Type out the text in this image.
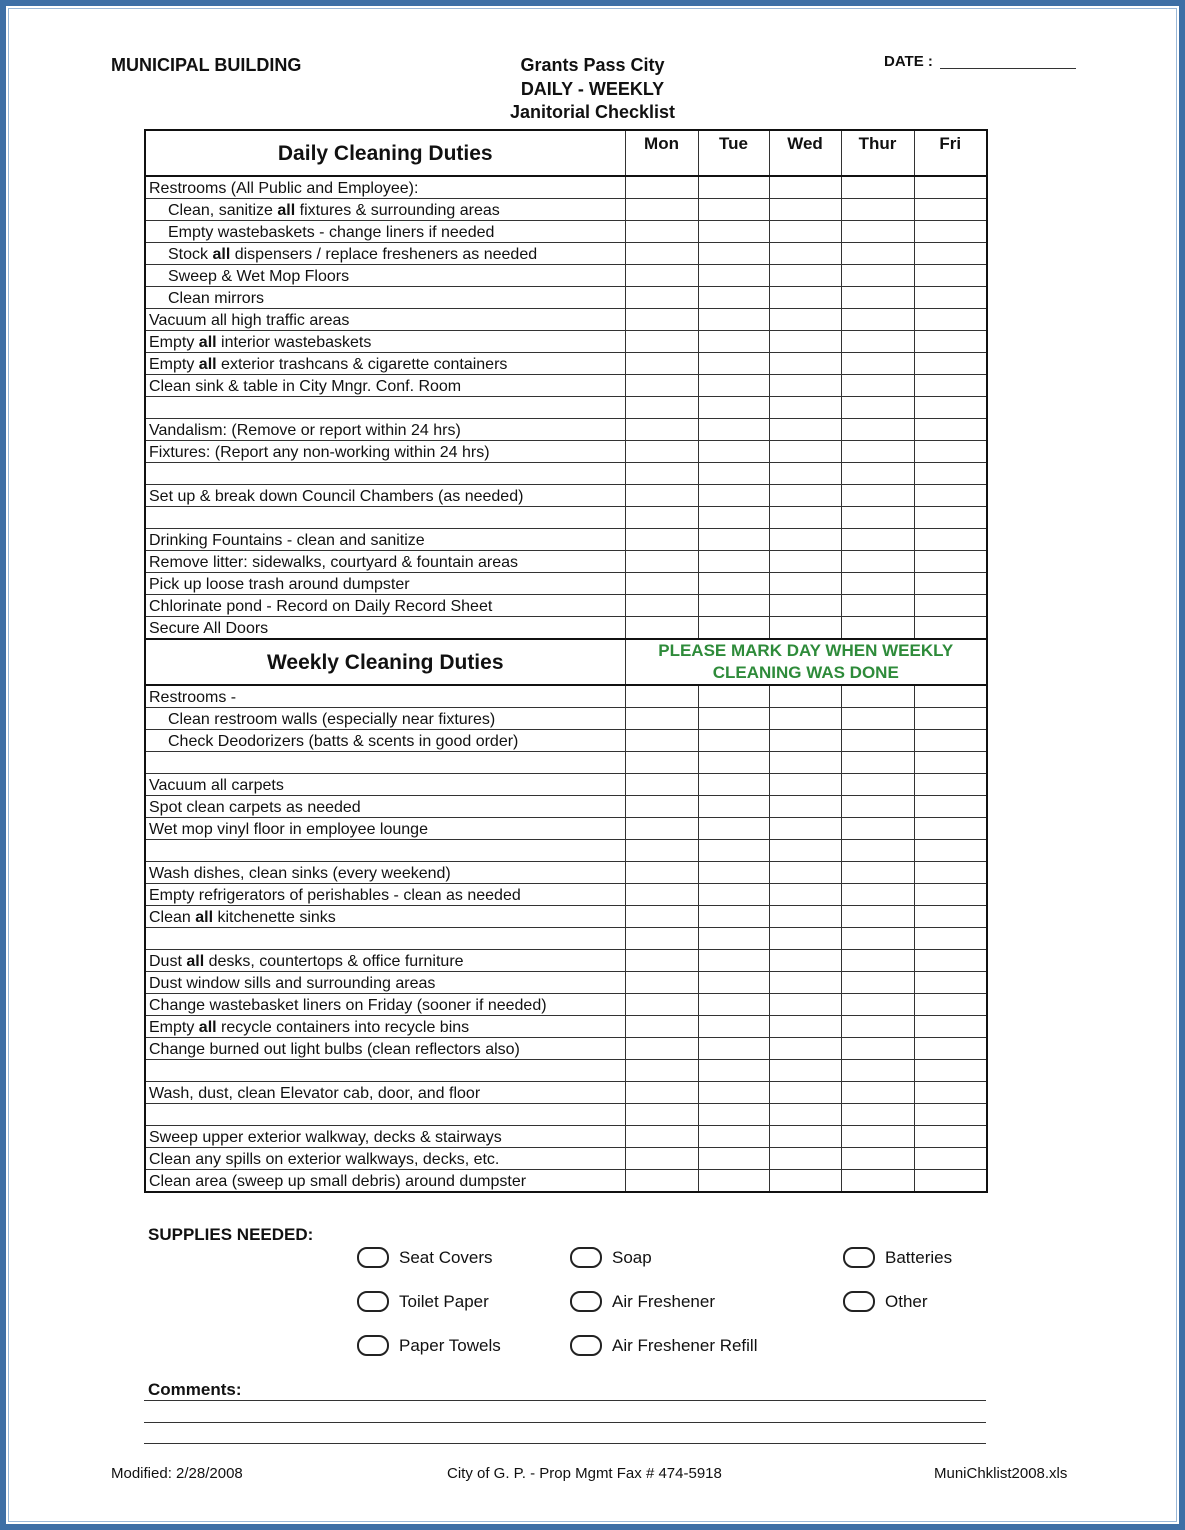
MUNICIPAL BUILDING	Grants Pass City
DAILY - WEEKLY
Janitorial Checklist
DATE :
Daily Cleaning Duties	Mon	Tue	Wed	Thur	Fri
Restrooms (All Public and Employee):					
Clean, sanitize all fixtures & surrounding areas					
Empty wastebaskets - change liners if needed					
Stock all dispensers / replace fresheners as needed					
Sweep & Wet Mop Floors					
Clean mirrors					
Vacuum all high traffic areas					
Empty all interior wastebaskets					
Empty all exterior trashcans & cigarette containers					
Clean sink & table in City Mngr. Conf. Room					

Vandalism: (Remove or report within 24 hrs)					
Fixtures: (Report any non-working within 24 hrs)					

Set up & break down Council Chambers (as needed)					

Drinking Fountains - clean and sanitize					
Remove litter: sidewalks, courtyard & fountain areas					
Pick up loose trash around dumpster					
Chlorinate pond - Record on Daily Record Sheet					
Secure All Doors					
Weekly Cleaning Duties	PLEASE MARK DAY WHEN WEEKLY
CLEANING WAS DONE				

Restrooms -					
Clean restroom walls (especially near fixtures)					
Check Deodorizers (batts & scents in good order)					

Vacuum all carpets					
Spot clean carpets as needed					
Wet mop vinyl floor in employee lounge					

Wash dishes, clean sinks (every weekend)					
Empty refrigerators of perishables - clean as needed					
Clean all kitchenette sinks					

Dust all desks, countertops & office furniture					
Dust window sills and surrounding areas					
Change wastebasket liners on Friday (sooner if needed)					
Empty all recycle containers into recycle bins					
Change burned out light bulbs (clean reflectors also)					

Wash, dust, clean Elevator cab, door, and floor					

Sweep upper exterior walkway, decks & stairways					
Clean any spills on exterior walkways, decks, etc.					
Clean area (sweep up small debris) around dumpster					
SUPPLIES NEEDED:
Seat Covers
Toilet Paper
Paper Towels
Soap
Air Freshener
Air Freshener Refill
Batteries
Other
Comments:
Modified: 2/28/2008	City of G. P. - Prop Mgmt Fax # 474-5918	MuniChklist2008.xls
